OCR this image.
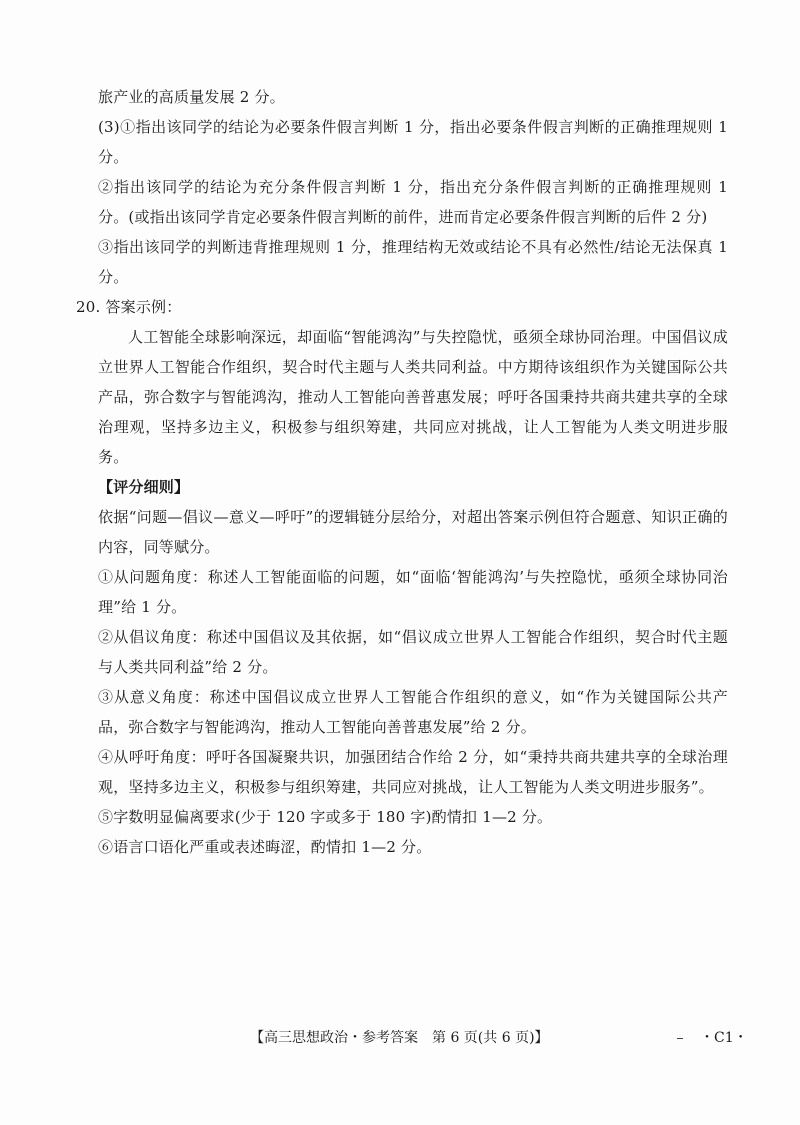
旅产业的高质量发展 2 分。

(3)①指出该同学的结论为必要条件假言判断 1 分，指出必要条件假言判断的正确推理规则 1 分。

②指出该同学的结论为充分条件假言判断 1 分，指出充分条件假言判断的正确推理规则 1 分。(或指出该同学肯定必要条件假言判断的前件，进而肯定必要条件假言判断的后件 2 分)

③指出该同学的判断违背推理规则 1 分，推理结构无效或结论不具有必然性/结论无法保真 1 分。

20. 答案示例：

人工智能全球影响深远，却面临“智能鸿沟”与失控隐忧，亟须全球协同治理。中国倡议成立世界人工智能合作组织，契合时代主题与人类共同利益。中方期待该组织作为关键国际公共产品，弥合数字与智能鸿沟，推动人工智能向善普惠发展；呼吁各国秉持共商共建共享的全球治理观，坚持多边主义，积极参与组织筹建，共同应对挑战，让人工智能为人类文明进步服务。

【评分细则】

依据“问题—倡议—意义—呼吁”的逻辑链分层给分，对超出答案示例但符合题意、知识正确的内容，同等赋分。

①从问题角度：称述人工智能面临的问题，如“面临‘智能鸿沟’与失控隐忧，亟须全球协同治理”给 1 分。

②从倡议角度：称述中国倡议及其依据，如“倡议成立世界人工智能合作组织，契合时代主题与人类共同利益”给 2 分。

③从意义角度：称述中国倡议成立世界人工智能合作组织的意义，如“作为关键国际公共产品，弥合数字与智能鸿沟，推动人工智能向善普惠发展”给 2 分。

④从呼吁角度：呼吁各国凝聚共识，加强团结合作给 2 分，如“秉持共商共建共享的全球治理观，坚持多边主义，积极参与组织筹建，共同应对挑战，让人工智能为人类文明进步服务”。

⑤字数明显偏离要求(少于 120 字或多于 180 字)酌情扣 1—2 分。

⑥语言口语化严重或表述晦涩，酌情扣 1—2 分。

【高三思想政治・参考答案　第 6 页(共 6 页)】	・C1・
